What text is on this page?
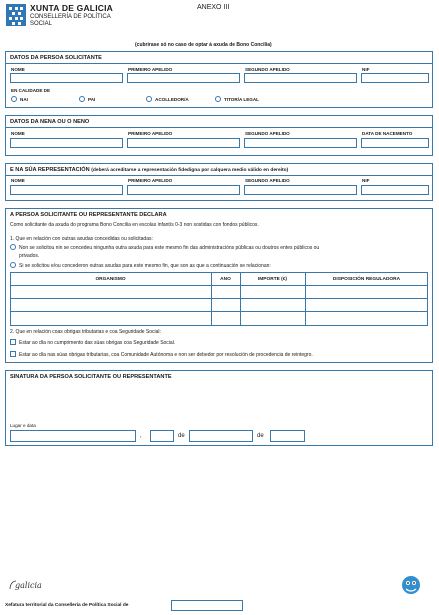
XUNTA DE GALICIA
CONSELLERÍA DE POLÍTICA
SOCIAL
ANEXO III
(cubrirase só no caso de optar á axuda de Bono Concilia)
DATOS DA PERSOA SOLICITANTE
NOME	PRIMEIRO APELIDO	SEGUNDO APELIDO	NIF
EN CALIDADE DE
NAI	PAI	ACOLLEDOR/A	TITOR/A LEGAL
DATOS DA NENA OU O NENO
NOME	PRIMEIRO APELIDO	SEGUNDO APELIDO	DATA DE NACEMENTO
E NA SÚA REPRESENTACIÓN (deberá acreditarse a representación fidedigna por calquera medio válido en dereito)
NOME	PRIMEIRO APELIDO	SEGUNDO APELIDO	NIF
A PERSOA SOLICITANTE OU REPRESENTANTE DECLARA
Como solicitante da axuda do programa Bono Concilia en escolas infantís 0-3 non sostidas con fondos públicos.
1. Que en relación con outras axudas concedidas ou solicitadas:
Non se solicitou nin se concedeu ningunha outra axuda para este mesmo fin das administracións públicas ou doutros entes públicos ou
privados.
Si se solicitou e/ou concederon outras axudas para este mesmo fin, que son as que a continuación se relacionan:
ORGANISMO	ANO	IMPORTE (€)	DISPOSICIÓN REGULADORA
2. Que en relación coas obrigas tributarias e coa Seguridade Social:
Estar ao día no cumprimento das súas obrigas coa Seguridade Social.
Estar ao día nas súas obrigas tributarias, coa Comunidade Autónoma e non ser debedor por resolución de procedencia de reintegro.
SINATURA DA PERSOA SOLICITANTE OU REPRESENTANTE
Lugar e data
,	de	de
galicia
Xefatura territorial da Consellería de Política Social de
